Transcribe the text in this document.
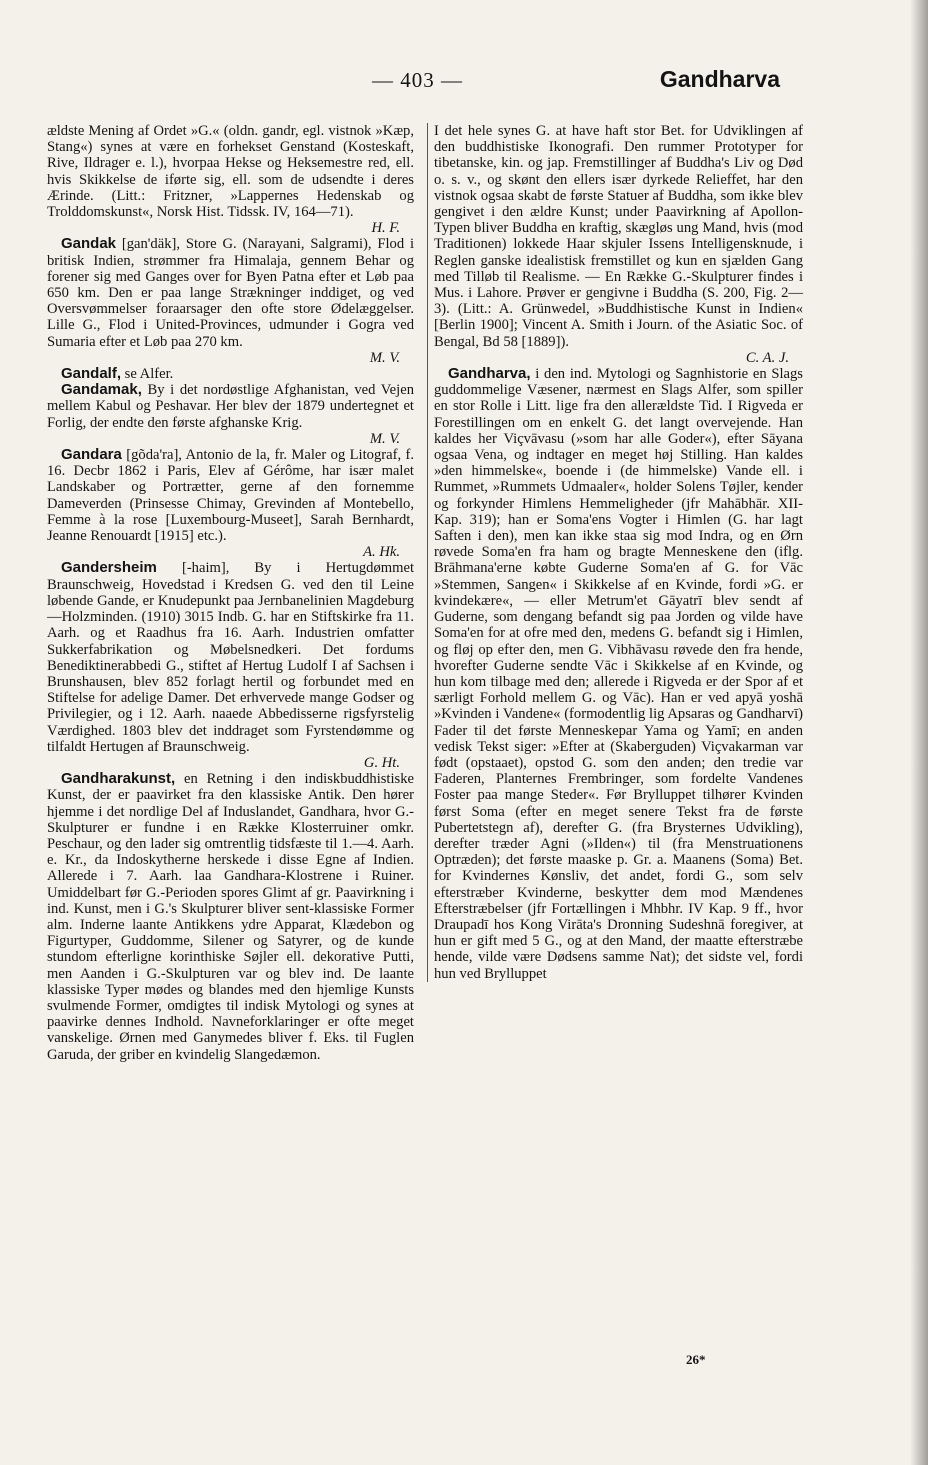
— 403 —	Gandharva

ældste Mening af Ordet »G.« (oldn. gandr, egl. vistnok »Kæp, Stang«) synes at være en forhekset Genstand (Kosteskaft, Rive, Ildrager e. l.), hvorpaa Hekse og Heksemestre red, ell. hvis Skikkelse de iførte sig, ell. som de udsendte i deres Ærinde. (Litt.: Fritzner, »Lappernes Hedenskab og Trolddomskunst«, Norsk Hist. Tidssk. IV, 164—71).
H. F.

Gandak [gan'däk], Store G. (Narayani, Salgrami), Flod i britisk Indien, strømmer fra Himalaja, gennem Behar og forener sig med Ganges over for Byen Patna efter et Løb paa 650 km. Den er paa lange Strækninger inddiget, og ved Oversvømmelser foraarsager den ofte store Ødelæggelser. Lille G., Flod i United-Provinces, udmunder i Gogra ved Sumaria efter et Løb paa 270 km.
M. V.

Gandalf, se Alfer.

Gandamak, By i det nordøstlige Afghanistan, ved Vejen mellem Kabul og Peshavar. Her blev der 1879 undertegnet et Forlig, der endte den første afghanske Krig.
M. V.

Gandara [gõda'ra], Antonio de la, fr. Maler og Litograf, f. 16. Decbr 1862 i Paris, Elev af Gérôme, har især malet Landskaber og Portrætter, gerne af den fornemme Dameverden (Prinsesse Chimay, Grevinden af Montebello, Femme à la rose [Luxembourg-Museet], Sarah Bernhardt, Jeanne Renouardt [1915] etc.).
A. Hk.

Gandersheim [-haim], By i Hertugdømmet Braunschweig, Hovedstad i Kredsen G. ved den til Leine løbende Gande, er Knudepunkt paa Jernbanelinien Magdeburg—Holzminden. (1910) 3015 Indb. G. har en Stiftskirke fra 11. Aarh. og et Raadhus fra 16. Aarh. Industrien omfatter Sukkerfabrikation og Møbelsnedkeri. Det fordums Benediktinerabbedi G., stiftet af Hertug Ludolf I af Sachsen i Brunshausen, blev 852 forlagt hertil og forbundet med en Stiftelse for adelige Damer. Det erhvervede mange Godser og Privilegier, og i 12. Aarh. naaede Abbedisserne rigsfyrstelig Værdighed. 1803 blev det inddraget som Fyrstendømme og tilfaldt Hertugen af Braunschweig.
G. Ht.

Gandharakunst, en Retning i den indiskbuddhistiske Kunst, der er paavirket fra den klassiske Antik. Den hører hjemme i det nordlige Del af Induslandet, Gandhara, hvor G.-Skulpturer er fundne i en Række Klosterruiner omkr. Peschaur, og den lader sig omtrentlig tidsfæste til 1.—4. Aarh. e. Kr., da Indoskytherne herskede i disse Egne af Indien. Allerede i 7. Aarh. laa Gandhara-Klostrene i Ruiner. Umiddelbart før G.-Perioden spores Glimt af gr. Paavirkning i ind. Kunst, men i G.'s Skulpturer bliver sent-klassiske Former alm. Inderne laante Antikkens ydre Apparat, Klædebon og Figurtyper, Guddomme, Silener og Satyrer, og de kunde stundom efterligne korinthiske Søjler ell. dekorative Putti, men Aanden i G.-Skulpturen var og blev ind. De laante klassiske Typer mødes og blandes med den hjemlige Kunsts svulmende Former, omdigtes til indisk Mytologi og synes at paavirke dennes Indhold. Navneforklaringer er ofte meget vanskelige. Ørnen med Ganymedes bliver f. Eks. til Fuglen Garuda, der griber en kvindelig Slangedæmon.

I det hele synes G. at have haft stor Bet. for Udviklingen af den buddhistiske Ikonografi. Den rummer Prototyper for tibetanske, kin. og jap. Fremstillinger af Buddha's Liv og Død o. s. v., og skønt den ellers især dyrkede Relieffet, har den vistnok ogsaa skabt de første Statuer af Buddha, som ikke blev gengivet i den ældre Kunst; under Paavirkning af Apollon-Typen bliver Buddha en kraftig, skægløs ung Mand, hvis (mod Traditionen) lokkede Haar skjuler Issens Intelligensknude, i Reglen ganske idealistisk fremstillet og kun en sjælden Gang med Tilløb til Realisme. — En Række G.-Skulpturer findes i Mus. i Lahore. Prøver er gengivne i Buddha (S. 200, Fig. 2—3). (Litt.: A. Grünwedel, »Buddhistische Kunst in Indien« [Berlin 1900]; Vincent A. Smith i Journ. of the Asiatic Soc. of Bengal, Bd 58 [1889]).
C. A. J.

Gandharva, i den ind. Mytologi og Sagnhistorie en Slags guddommelige Væsener, nærmest en Slags Alfer, som spiller en stor Rolle i Litt. lige fra den allerældste Tid. I Rigveda er Forestillingen om en enkelt G. det langt overvejende. Han kaldes her Viçvāvasu (»som har alle Goder«), efter Sāyana ogsaa Vena, og indtager en meget høj Stilling. Han kaldes »den himmelske«, boende i (de himmelske) Vande ell. i Rummet, »Rummets Udmaaler«, holder Solens Tøjler, kender og forkynder Himlens Hemmeligheder (jfr Mahābhār. XII-Kap. 319); han er Soma'ens Vogter i Himlen (G. har lagt Saften i den), men kan ikke staa sig mod Indra, og en Ørn røvede Soma'en fra ham og bragte Menneskene den (iflg. Brāhmana'erne købte Guderne Soma'en af G. for Vāc »Stemmen, Sangen« i Skikkelse af en Kvinde, fordi »G. er kvindekære«, — eller Metrum'et Gāyatrī blev sendt af Guderne, som dengang befandt sig paa Jorden og vilde have Soma'en for at ofre med den, medens G. befandt sig i Himlen, og fløj op efter den, men G. Vibhāvasu røvede den fra hende, hvorefter Guderne sendte Vāc i Skikkelse af en Kvinde, og hun kom tilbage med den; allerede i Rigveda er der Spor af et særligt Forhold mellem G. og Vāc). Han er ved apyā yoshā »Kvinden i Vandene« (formodentlig lig Apsaras og Gandharvī) Fader til det første Menneskepar Yama og Yamī; en anden vedisk Tekst siger: »Efter at (Skaberguden) Viçvakarman var født (opstaaet), opstod G. som den anden; den tredie var Faderen, Planternes Frembringer, som fordelte Vandenes Foster paa mange Steder«. Før Brylluppet tilhører Kvinden først Soma (efter en meget senere Tekst fra de første Pubertetstegn af), derefter G. (fra Brysternes Udvikling), derefter træder Agni (»Ilden«) til (fra Menstruationens Optræden); det første maaske p. Gr. a. Maanens (Soma) Bet. for Kvindernes Kønsliv, det andet, fordi G., som selv efterstræber Kvinderne, beskytter dem mod Mændenes Efterstræbelser (jfr Fortællingen i Mhbhr. IV Kap. 9 ff., hvor Draupadī hos Kong Virāta's Dronning Sudeshnā foregiver, at hun er gift med 5 G., og at den Mand, der maatte efterstræbe hende, vilde være Dødsens samme Nat); det sidste vel, fordi hun ved Brylluppet

26*
